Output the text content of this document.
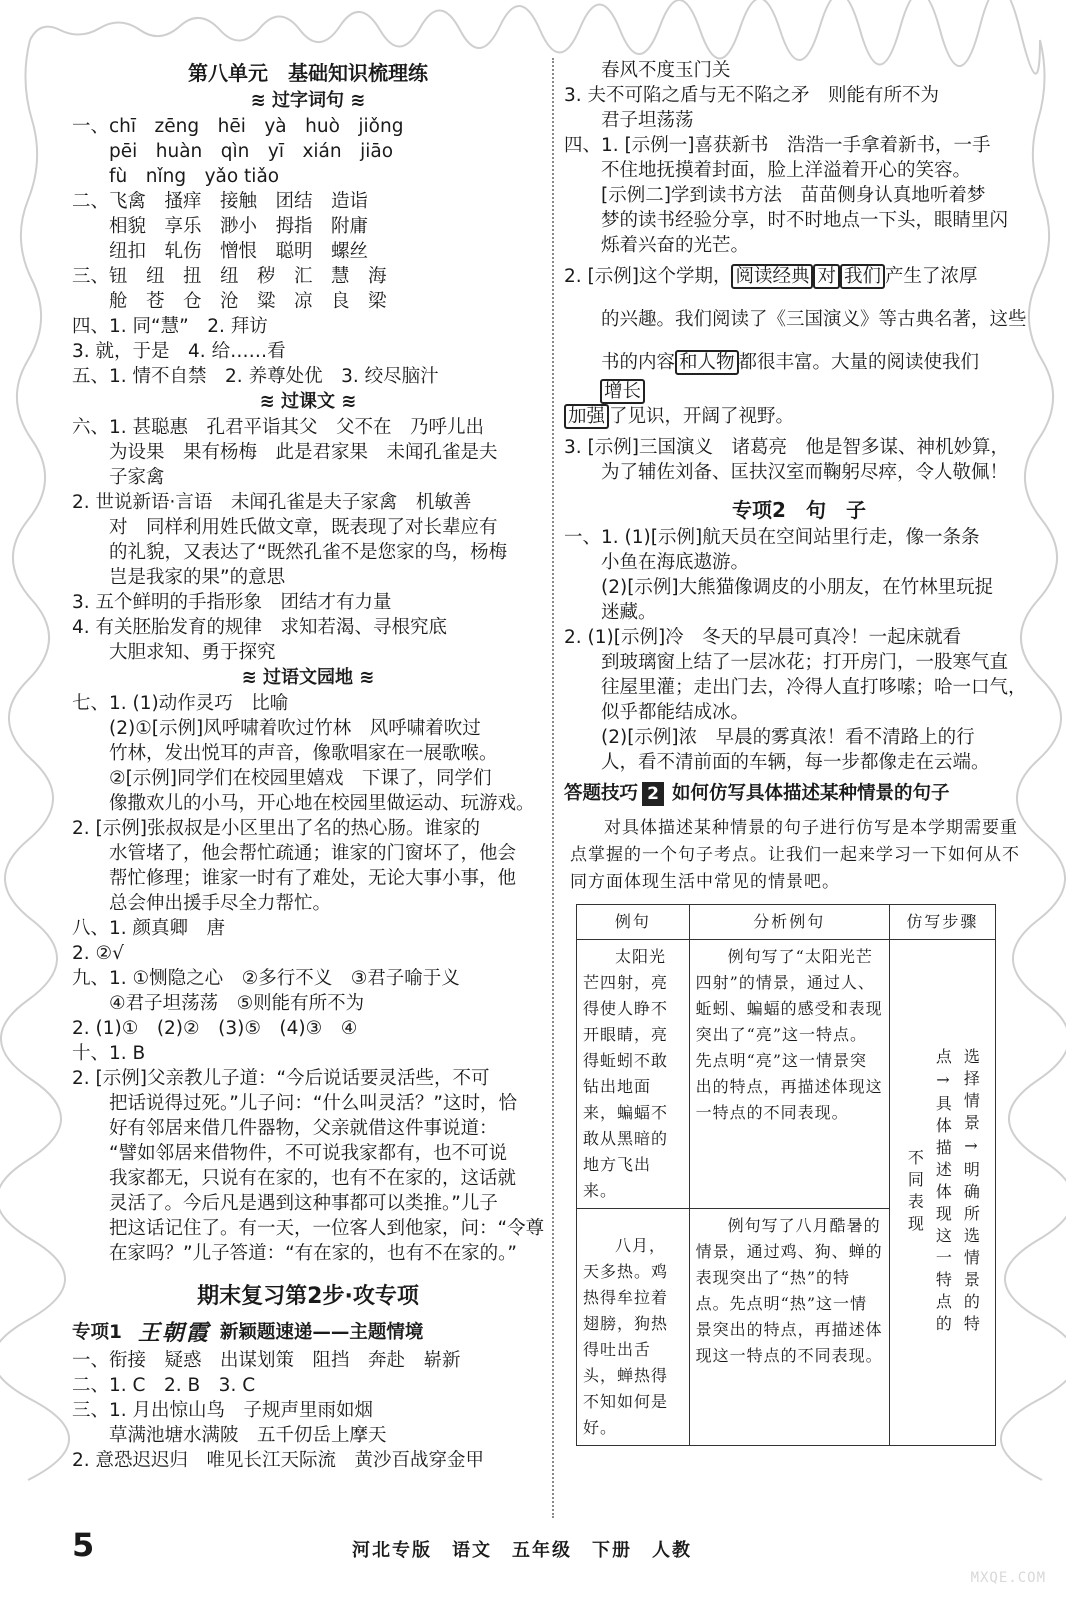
第八单元　基础知识梳理练
≋ 过字词句 ≋
一、chī　zēng　hēi　yà　huò　jiǒng
　　pēi　huàn　qìn　yī　xián　jiāo
　　fù　nǐng　yǎo tiǎo
二、飞禽　搔痒　接触　团结　造诣
　　相貌　享乐　渺小　拇指　附庸
　　纽扣　轧伤　憎恨　聪明　螺丝
三、钮　纽　扭　纽　秽　汇　慧　海
　　舱　苍　仓　沧　粱　凉　良　梁
四、1. 同“慧”　2. 拜访
3. 就，于是　4. 给……看
五、1. 情不自禁　2. 养尊处优　3. 绞尽脑汁
≋ 过课文 ≋
六、1. 甚聪惠　孔君平诣其父　父不在　乃呼儿出
　　为设果　果有杨梅　此是君家果　未闻孔雀是夫
　　子家禽
2. 世说新语·言语　未闻孔雀是夫子家禽　机敏善
　　对　同样利用姓氏做文章，既表现了对长辈应有
　　的礼貌，又表达了“既然孔雀不是您家的鸟，杨梅
　　岂是我家的果”的意思
3. 五个鲜明的手指形象　团结才有力量
4. 有关胚胎发育的规律　求知若渴、寻根究底
　　大胆求知、勇于探究
≋ 过语文园地 ≋
七、1. (1)动作灵巧　比喻
　　(2)①[示例]风呼啸着吹过竹林　风呼啸着吹过
　　竹林，发出悦耳的声音，像歌唱家在一展歌喉。
　　②[示例]同学们在校园里嬉戏　下课了，同学们
　　像撒欢儿的小马，开心地在校园里做运动、玩游戏。
2. [示例]张叔叔是小区里出了名的热心肠。谁家的
　　水管堵了，他会帮忙疏通；谁家的门窗坏了，他会
　　帮忙修理；谁家一时有了难处，无论大事小事，他
　　总会伸出援手尽全力帮忙。
八、1. 颜真卿　唐
2. ②√
九、1. ①恻隐之心　②多行不义　③君子喻于义
　　④君子坦荡荡　⑤则能有所不为
2. (1)①　(2)②　(3)⑤　(4)③　④
十、1. B
2. [示例]父亲教儿子道：“今后说话要灵活些，不可
　　把话说得过死。”儿子问：“什么叫灵活？”这时，恰
　　好有邻居来借几件器物，父亲就借这件事说道：
　　“譬如邻居来借物件，不可说我家都有，也不可说
　　我家都无，只说有在家的，也有不在家的，这话就
　　灵活了。今后凡是遇到这种事都可以类推。”儿子
　　把这话记住了。有一天，一位客人到他家，问：“令尊
　　在家吗？”儿子答道：“有在家的，也有不在家的。”
期末复习第2步·攻专项
专项1 王朝霞 新颖题速递——主题情境
一、衔接　疑惑　出谋划策　阻挡　奔赴　崭新
二、1. C　2. B　3. C
三、1. 月出惊山鸟　子规声里雨如烟
　　草满池塘水满陂　五千仞岳上摩天
2. 意恐迟迟归　唯见长江天际流　黄沙百战穿金甲
　　春风不度玉门关
3. 夫不可陷之盾与无不陷之矛　则能有所不为
　　君子坦荡荡
四、1. [示例一]喜获新书　浩浩一手拿着新书，一手
　　不住地抚摸着封面，脸上洋溢着开心的笑容。
　　[示例二]学到读书方法　苗苗侧身认真地听着梦
　　梦的读书经验分享，时不时地点一下头，眼睛里闪
　　烁着兴奋的光芒。
2. [示例]这个学期， 阅读经典 对 我们 产生了浓厚
　　的兴趣。我们阅读了《三国演义》等古典名著，这些
　　书的内容 和人物 都很丰富。大量的阅读使我们
增长
加强 了见识，开阔了视野。
3. [示例]三国演义　诸葛亮　他是智多谋、神机妙算，
　　为了辅佐刘备、匡扶汉室而鞠躬尽瘁，令人敬佩！
专项2　句　子
一、1. (1)[示例]航天员在空间站里行走，像一条条
　　小鱼在海底遨游。
　　(2)[示例]大熊猫像调皮的小朋友，在竹林里玩捉
　　迷藏。
2. (1)[示例]冷　冬天的早晨可真冷！一起床就看
　　到玻璃窗上结了一层冰花；打开房门，一股寒气直
　　往屋里灌；走出门去，冷得人直打哆嗦；哈一口气，
　　似乎都能结成冰。
　　(2)[示例]浓　早晨的雾真浓！看不清路上的行
　　人，看不清前面的车辆，每一步都像走在云端。
答题技巧 2 如何仿写具体描述某种情景的句子
对具体描述某种情景的句子进行仿写是本学期需要重点掌握的一个句子考点。让我们一起来学习一下如何从不同方面体现生活中常见的情景吧。
例句	分析例句	仿写步骤
太阳光芒四射，亮得使人睁不开眼睛，亮得蚯蚓不敢钻出地面来，蝙蝠不敢从黑暗的地方飞出来。	例句写了“太阳光芒四射”的情景，通过人、蚯蚓、蝙蝠的感受和表现突出了“亮”这一特点。先点明“亮”这一情景突出的特点，再描述体现这一特点的不同表现。	选择情景→明确所选情景的特点→具体描述体现这一特点的不同表现

八月，天多热。鸡热得牟拉着翅膀，狗热得吐出舌头，蝉热得不知如何是好。	例句写了八月酷暑的情景，通过鸡、狗、蝉的表现突出了“热”的特点。先点明“热”这一情景突出的特点，再描述体现这一特点的不同表现。	
5	河北专版　语文　五年级　下册　人教
MXQE.COM
